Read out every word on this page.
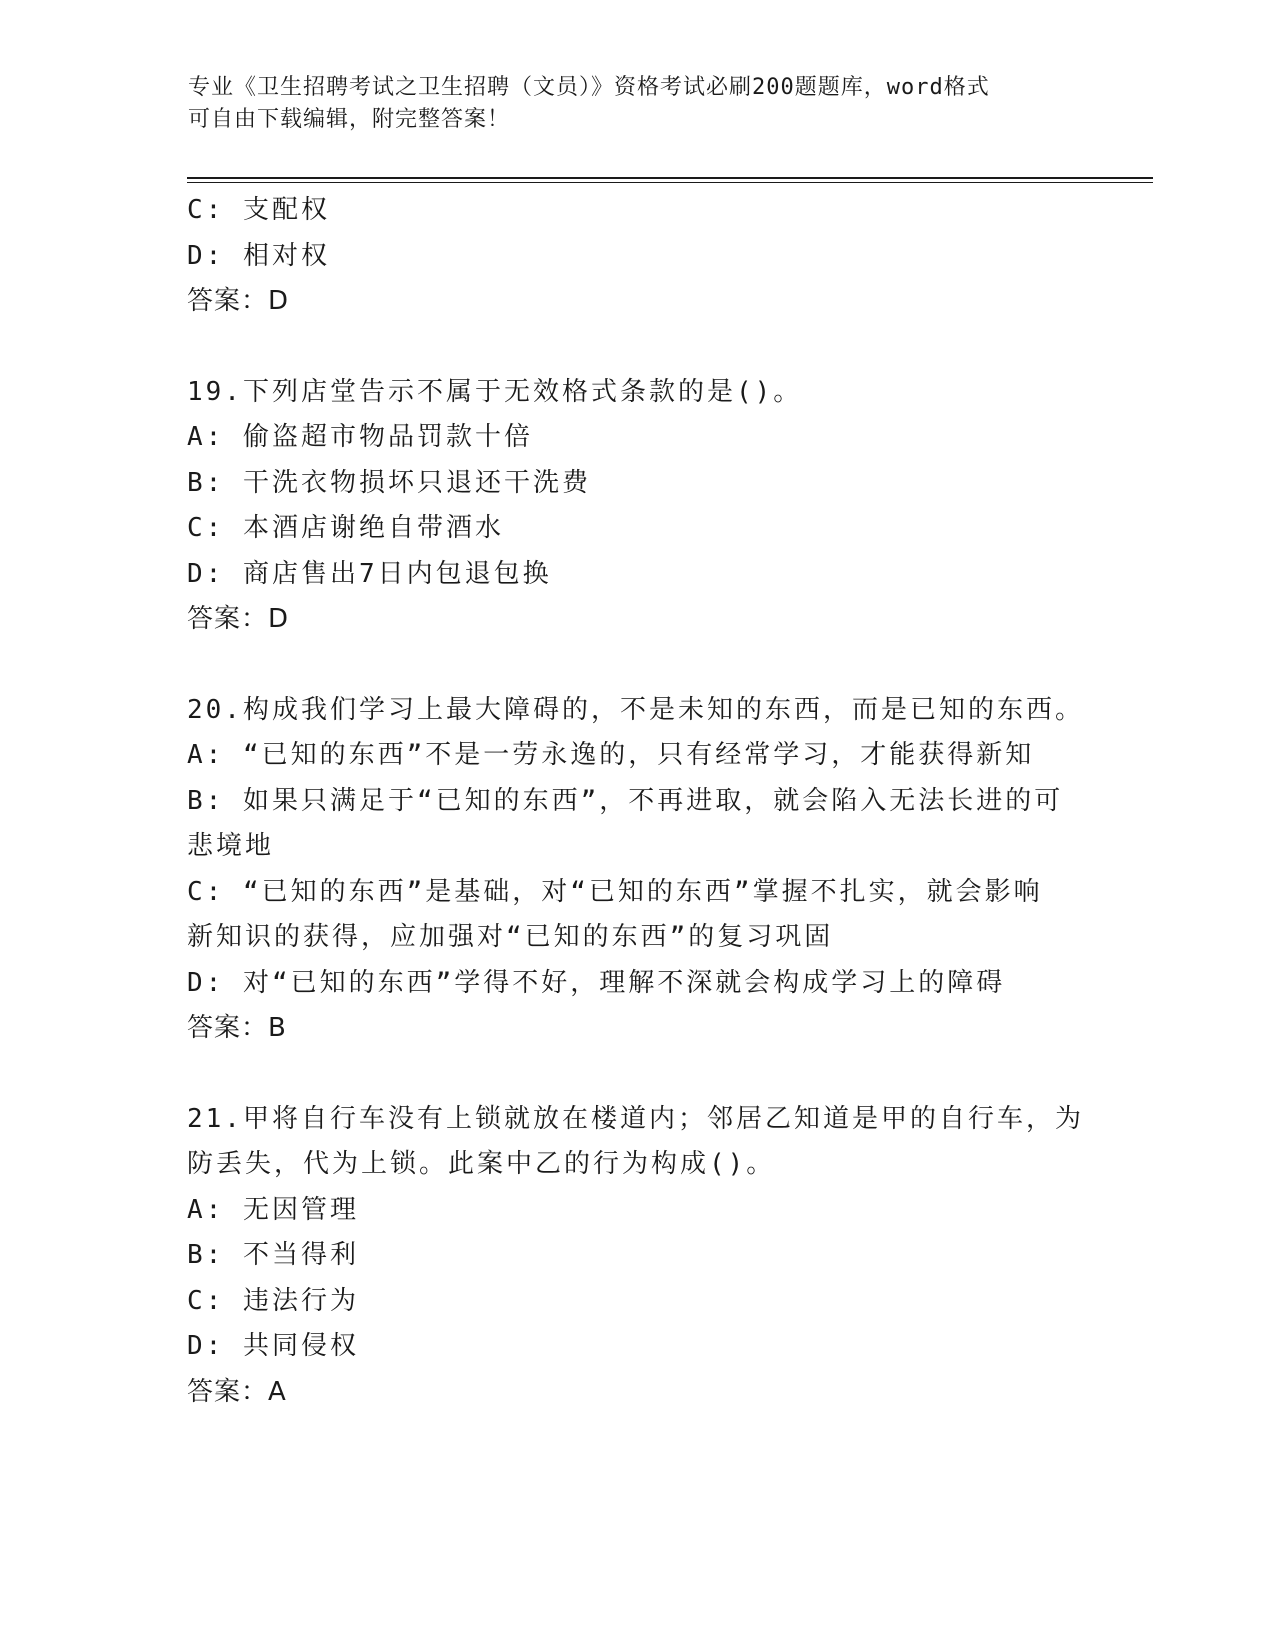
专业《卫生招聘考试之卫生招聘（文员）》资格考试必刷200题题库，word格式
可自由下载编辑，附完整答案！
C: 支配权
D: 相对权
答案：D
19.下列店堂告示不属于无效格式条款的是()。
A: 偷盗超市物品罚款十倍
B: 干洗衣物损坏只退还干洗费
C: 本酒店谢绝自带酒水
D: 商店售出7日内包退包换
答案：D
20.构成我们学习上最大障碍的，不是未知的东西，而是已知的东西。
A: “已知的东西”不是一劳永逸的，只有经常学习，才能获得新知
B: 如果只满足于“已知的东西”，不再进取，就会陷入无法长进的可
悲境地
C: “已知的东西”是基础，对“已知的东西”掌握不扎实，就会影响
新知识的获得，应加强对“已知的东西”的复习巩固
D: 对“已知的东西”学得不好，理解不深就会构成学习上的障碍
答案：B
21.甲将自行车没有上锁就放在楼道内；邻居乙知道是甲的自行车，为
防丢失，代为上锁。此案中乙的行为构成()。
A: 无因管理
B: 不当得利
C: 违法行为
D: 共同侵权
答案：A
